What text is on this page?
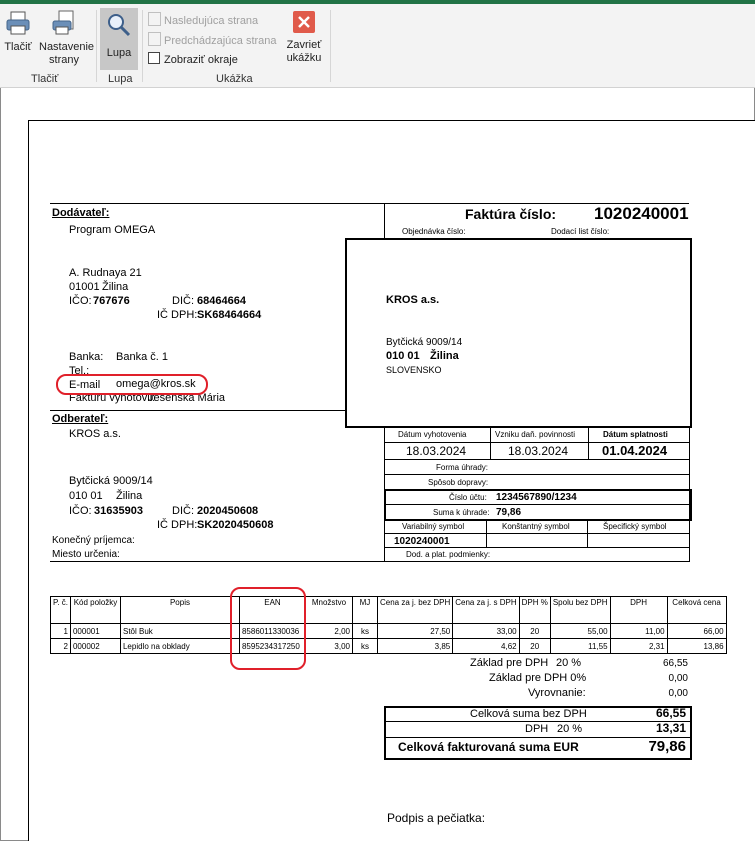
Tlačiť Nastavenie strany
Lupa
Nasledujúca strana
Predchádzajúca strana
Zobraziť okraje
Zavrieť ukážku
Tlačiť	Lupa	Ukážka
Dodávateľ:
Program OMEGA
A. Rudnaya 21
01001 Žilina
IČO: 767676	DIČ: 68464664
IČ DPH: SK68464664
Banka: Banka č. 1
Tel.:
E-mail omega@kros.sk
Faktúru vyhotovil:
Jesenská Mária
Odberateľ:
KROS a.s.
Bytčická 9009/14
010 01 Žilina
IČO: 31635903	DIČ: 2020450608
IČ DPH: SK2020450608
Konečný príjemca:
Miesto určenia:
Faktúra číslo: 1020240001
Objednávka číslo:	Dodací list číslo:
KROS a.s.
Bytčická 9009/14
010 01 Žilina
SLOVENSKO
Dátum vyhotovenia	Vzniku daň. povinnosti	Dátum splatnosti
18.03.2024	18.03.2024	01.04.2024
Forma úhrady:
Spôsob dopravy:
Číslo účtu: 1234567890/1234
Suma k úhrade: 79,86
Variabilný symbol	Konštantný symbol	Špecifický symbol
1020240001
Dod. a plat. podmienky:
P. č.	Kód položky	Popis	EAN	Množstvo	MJ	Cena za j. bez DPH	Cena za j. s DPH	DPH %	Spolu bez DPH	DPH	Celková cena
1	000001	Stôl Buk	8586011330036	2,00	ks	27,50	33,00	20	55,00	11,00	66,00
2	000002	Lepidlo na obklady	8595234317250	3,00	ks	3,85	4,62	20	11,55	2,31	13,86
Základ pre DPH 20 %	66,55
Základ pre DPH 0%	0,00
Vyrovnanie:	0,00
Celková suma bez DPH	66,55
DPH 20 %	13,31
Celková fakturovaná suma EUR	79,86
Podpis a pečiatka:
